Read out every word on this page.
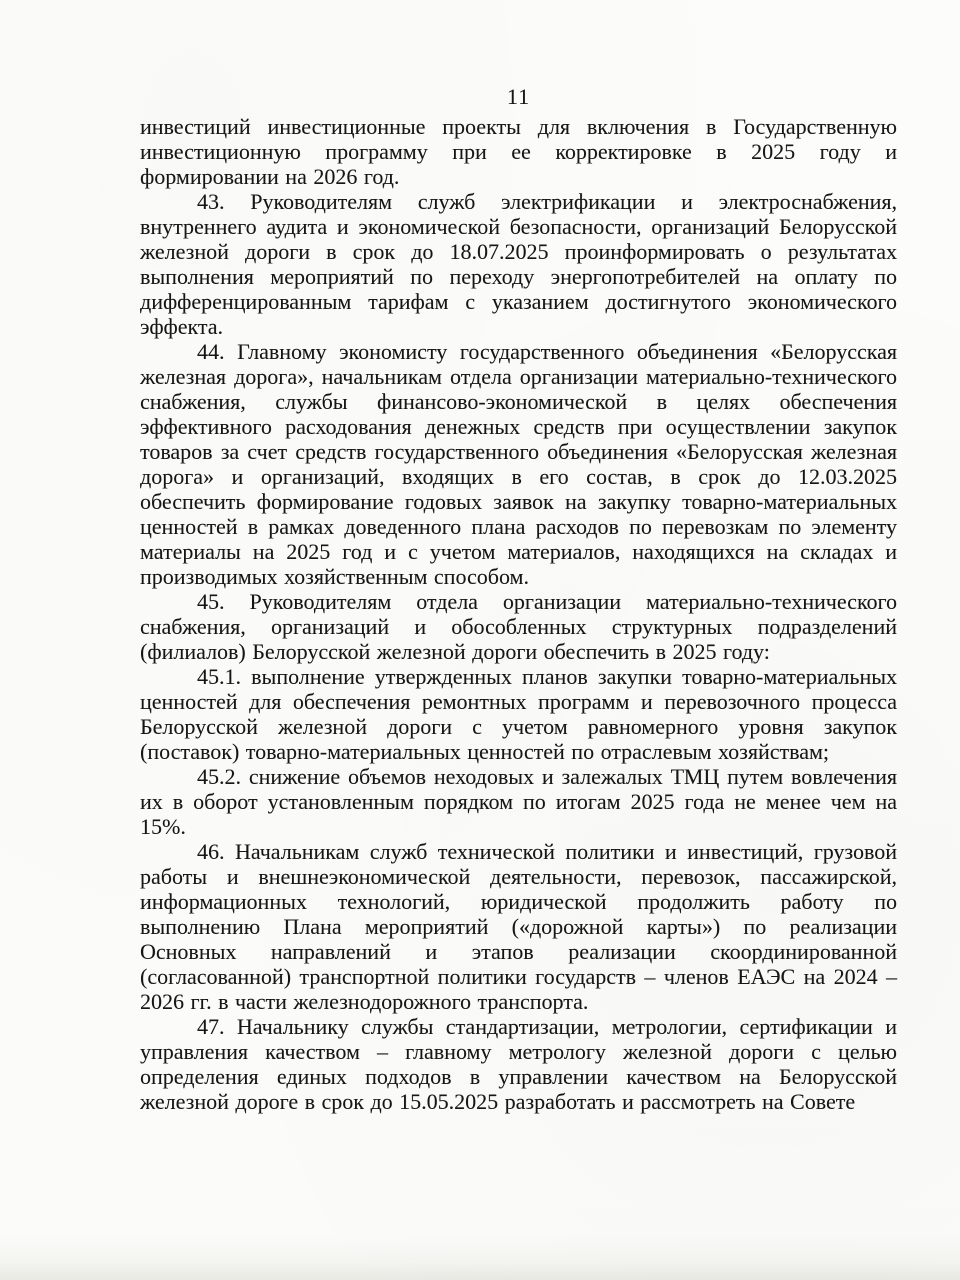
11

инвестиций инвестиционные проекты для включения в Государственную инвестиционную программу при ее корректировке в 2025 году и формировании на 2026 год.

43. Руководителям служб электрификации и электроснабжения, внутреннего аудита и экономической безопасности, организаций Белорусской железной дороги в срок до 18.07.2025 проинформировать о результатах выполнения мероприятий по переходу энергопотребителей на оплату по дифференцированным тарифам с указанием достигнутого экономического эффекта.

44. Главному экономисту государственного объединения «Белорусская железная дорога», начальникам отдела организации материально-технического снабжения, службы финансово-экономической в целях обеспечения эффективного расходования денежных средств при осуществлении закупок товаров за счет средств государственного объединения «Белорусская железная дорога» и организаций, входящих в его состав, в срок до 12.03.2025 обеспечить формирование годовых заявок на закупку товарно-материальных ценностей в рамках доведенного плана расходов по перевозкам по элементу материалы на 2025 год и с учетом материалов, находящихся на складах и производимых хозяйственным способом.

45. Руководителям отдела организации материально-технического снабжения, организаций и обособленных структурных подразделений (филиалов) Белорусской железной дороги обеспечить в 2025 году:

45.1. выполнение утвержденных планов закупки товарно-материальных ценностей для обеспечения ремонтных программ и перевозочного процесса Белорусской железной дороги с учетом равномерного уровня закупок (поставок) товарно-материальных ценностей по отраслевым хозяйствам;

45.2. снижение объемов неходовых и залежалых ТМЦ путем вовлечения их в оборот установленным порядком по итогам 2025 года не менее чем на 15%.

46. Начальникам служб технической политики и инвестиций, грузовой работы и внешнеэкономической деятельности, перевозок, пассажирской, информационных технологий, юридической продолжить работу по выполнению Плана мероприятий («дорожной карты») по реализации Основных направлений и этапов реализации скоординированной (согласованной) транспортной политики государств – членов ЕАЭС на 2024 – 2026 гг. в части железнодорожного транспорта.

47. Начальнику службы стандартизации, метрологии, сертификации и управления качеством – главному метрологу железной дороги с целью определения единых подходов в управлении качеством на Белорусской железной дороге в срок до 15.05.2025 разработать и рассмотреть на Совете
